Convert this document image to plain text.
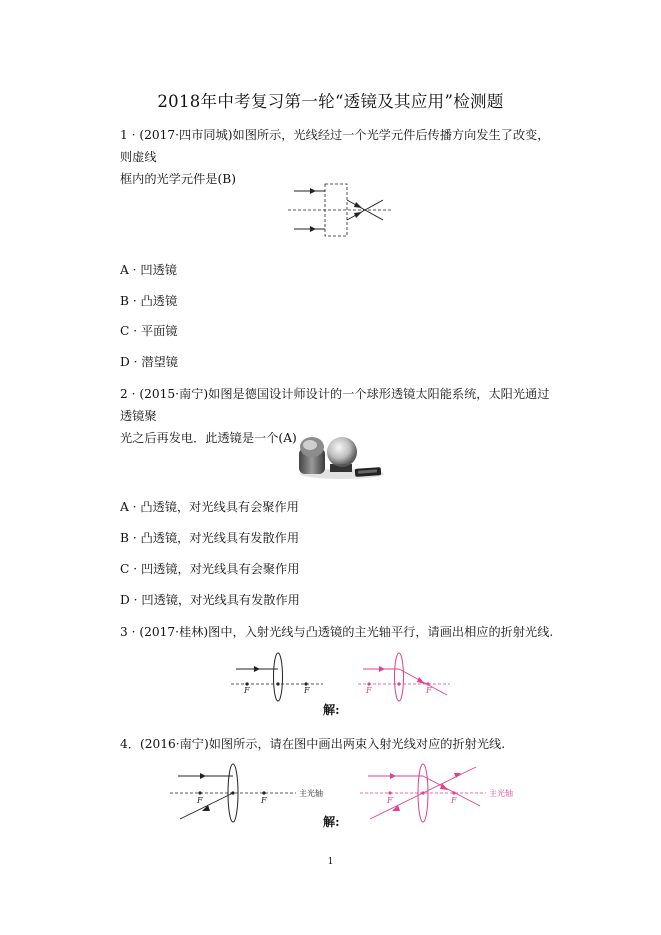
2018年中考复习第一轮“透镜及其应用”检测题
1 · (2017·四市同城)如图所示，光线经过一个光学元件后传播方向发生了改变，则虚线
框内的光学元件是(B)
A · 凹透镜
B · 凸透镜
C · 平面镜
D · 潜望镜
2 · (2015·南宁)如图是德国设计师设计的一个球形透镜太阳能系统，太阳光通过透镜聚
光之后再发电．此透镜是一个(A)
A · 凸透镜，对光线具有会聚作用
B · 凸透镜，对光线具有发散作用
C · 凹透镜，对光线具有会聚作用
D · 凹透镜，对光线具有发散作用
3 · (2017·桂林)图中，入射光线与凸透镜的主光轴平行，请画出相应的折射光线.
F	F	F	F
解:
4．(2016·南宁)如图所示，请在图中画出两束入射光线对应的折射光线.
F	F
主光轴
F	F
主光轴
解:
1
